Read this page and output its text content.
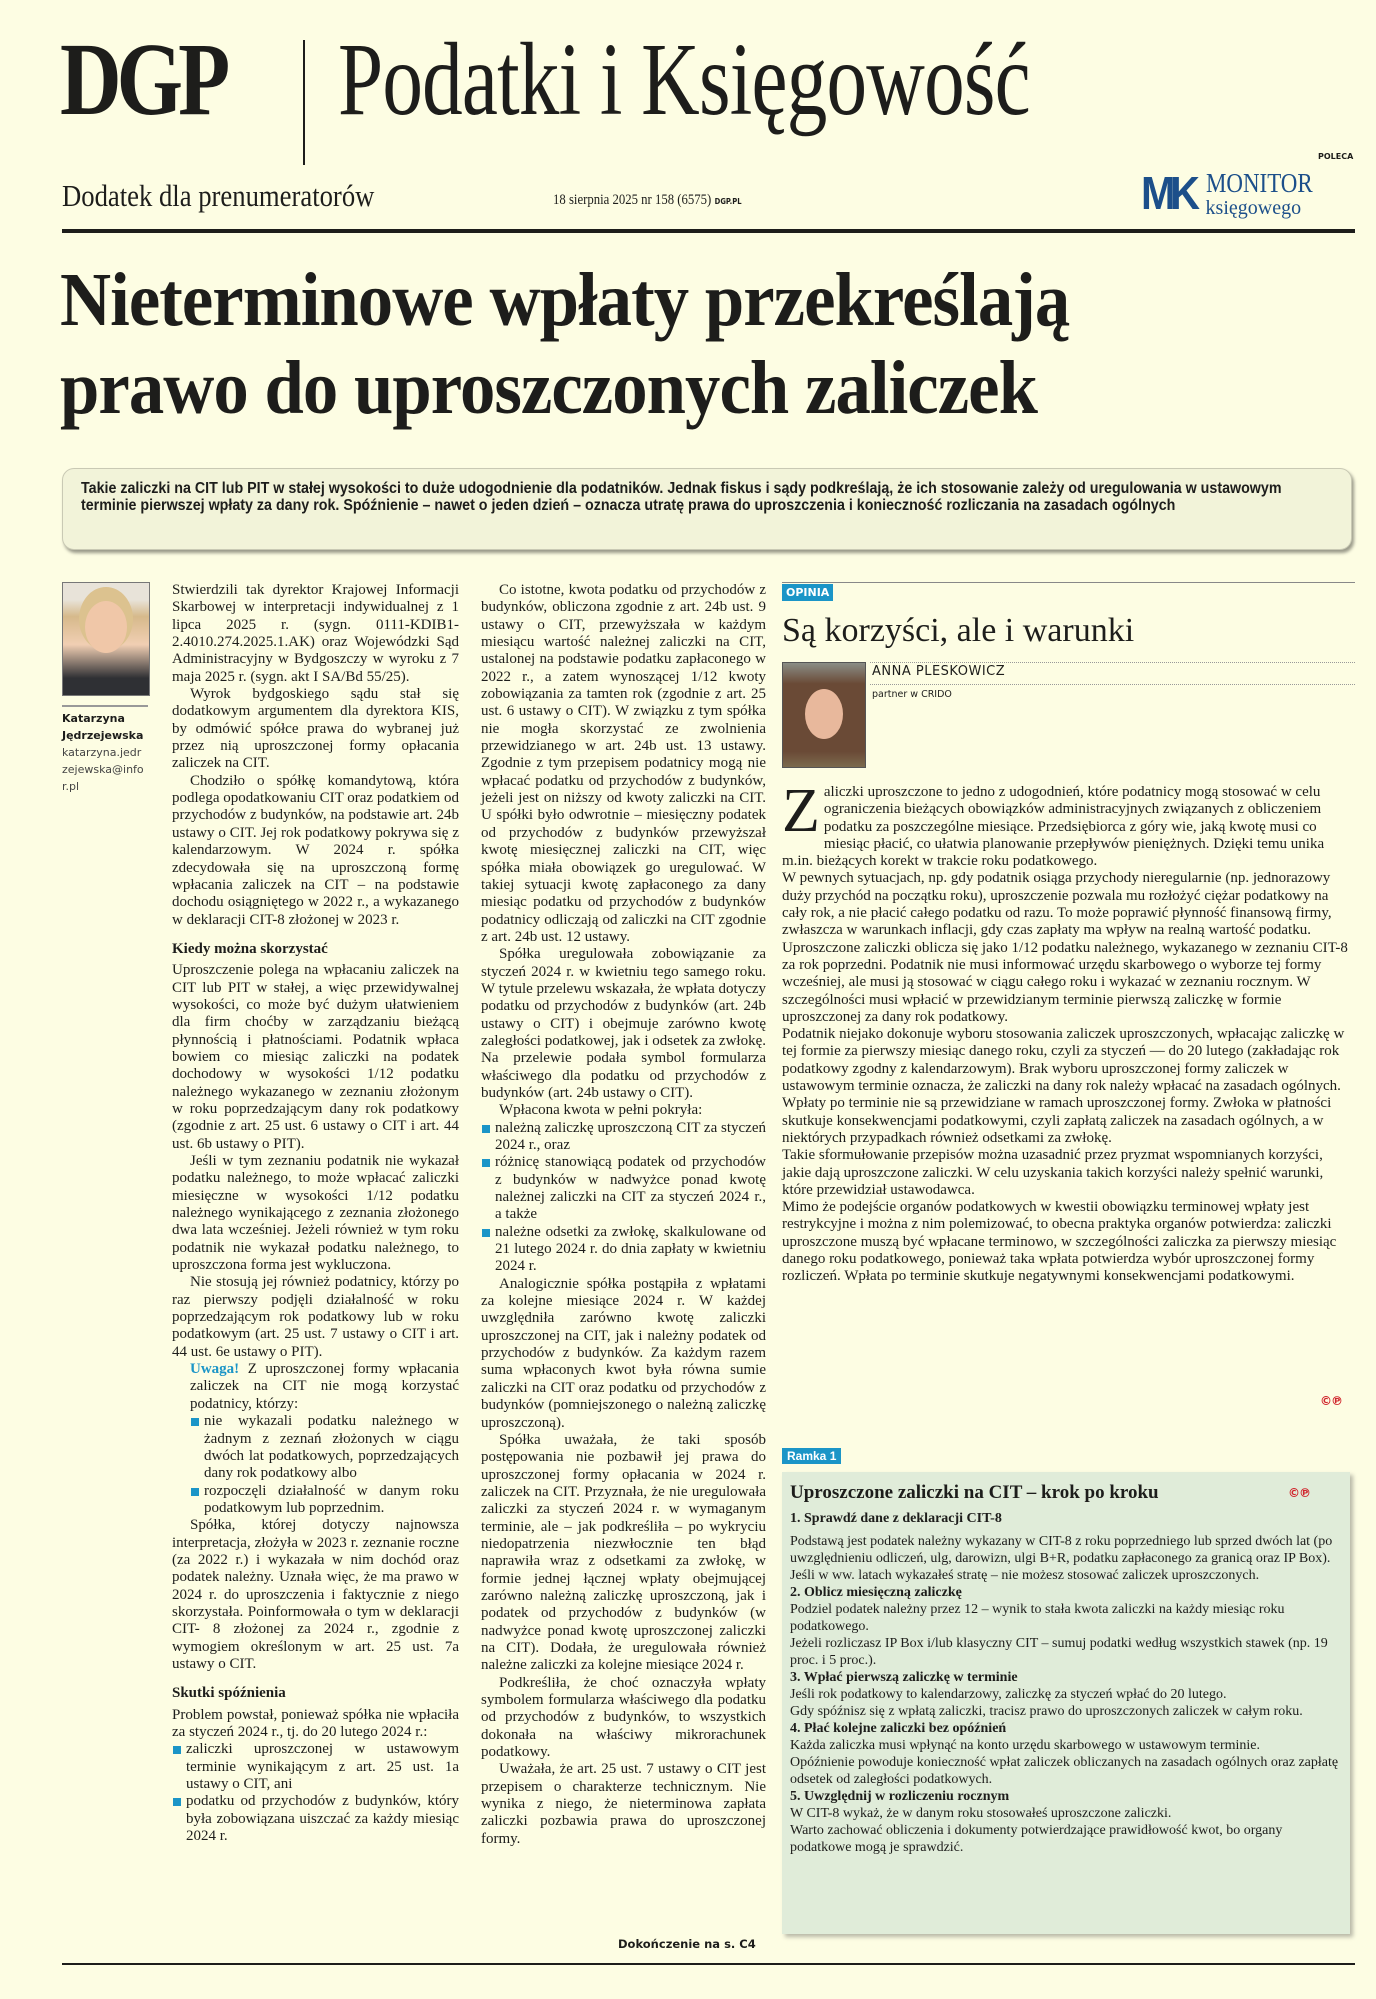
DGP Podatki i Księgowość
Dodatek dla prenumeratorów	18 sierpnia 2025 nr 158 (6575) DGP.PL
POLECA
MK MONITOR
księgowego
Nieterminowe wpłaty przekreślają
prawo do uproszczonych zaliczek

Takie zaliczki na CIT lub PIT w stałej wysokości to duże udogodnienie dla podatników. Jednak fiskus i sądy podkreślają, że ich stosowanie zależy od uregulowania w ustawowym terminie pierwszej wpłaty za dany rok. Spóźnienie – nawet o jeden dzień – oznacza utratę prawa do uproszczenia i konieczność rozliczania na zasadach ogólnych

Katarzyna
Jędrzejewska
katarzyna.jedrzejewska@infor.pl

Stwierdzili tak dyrektor Krajowej Informacji Skarbowej w interpretacji indywidualnej z 1 lipca 2025 r. (sygn. 0111-KDIB1-2.4010.274.2025.1.AK) oraz Wojewódzki Sąd Administracyjny w Bydgoszczy w wyroku z 7 maja 2025 r. (sygn. akt I SA/Bd 55/25).

Wyrok bydgoskiego sądu stał się dodatkowym argumentem dla dyrektora KIS, by odmówić spółce prawa do wybranej już przez nią uproszczonej formy opłacania zaliczek na CIT.

Chodziło o spółkę komandytową, która podlega opodatkowaniu CIT oraz podatkiem od przychodów z budynków, na podstawie art. 24b ustawy o CIT. Jej rok podatkowy pokrywa się z kalendarzowym. W 2024 r. spółka zdecydowała się na uproszczoną formę wpłacania zaliczek na CIT – na podstawie dochodu osiągniętego w 2022 r., a wykazanego w deklaracji CIT-8 złożonej w 2023 r.

Kiedy można skorzystać

Uproszczenie polega na wpłacaniu zaliczek na CIT lub PIT w stałej, a więc przewidywalnej wysokości, co może być dużym ułatwieniem dla firm choćby w zarządzaniu bieżącą płynnością i płatnościami. Podatnik wpłaca bowiem co miesiąc zaliczki na podatek dochodowy w wysokości 1/12 podatku należnego wykazanego w zeznaniu złożonym w roku poprzedzającym dany rok podatkowy (zgodnie z art. 25 ust. 6 ustawy o CIT i art. 44 ust. 6b ustawy o PIT).

Jeśli w tym zeznaniu podatnik nie wykazał podatku należnego, to może wpłacać zaliczki miesięczne w wysokości 1/12 podatku należnego wynikającego z zeznania złożonego dwa lata wcześniej. Jeżeli również w tym roku podatnik nie wykazał podatku należnego, to uproszczona forma jest wykluczona.

Nie stosują jej również podatnicy, którzy po raz pierwszy podjęli działalność w roku poprzedzającym rok podatkowy lub w roku podatkowym (art. 25 ust. 7 ustawy o CIT i art. 44 ust. 6e ustawy o PIT).

Uwaga! Z uproszczonej formy wpłacania zaliczek na CIT nie mogą korzystać podatnicy, którzy:
nie wykazali podatku należnego w żadnym z zeznań złożonych w ciągu dwóch lat podatkowych, poprzedzających dany rok podatkowy albo
rozpoczęli działalność w danym roku podatkowym lub poprzednim.

Spółka, której dotyczy najnowsza interpretacja, złożyła w 2023 r. zeznanie roczne (za 2022 r.) i wykazała w nim dochód oraz podatek należny. Uznała więc, że ma prawo w 2024 r. do uproszczenia i faktycznie z niego skorzystała. Poinformowała o tym w deklaracji CIT- 8 złożonej za 2024 r., zgodnie z wymogiem określonym w art. 25 ust. 7a ustawy o CIT.

Skutki spóźnienia

Problem powstał, ponieważ spółka nie wpłaciła za styczeń 2024 r., tj. do 20 lutego 2024 r.:

zaliczki uproszczonej w ustawowym terminie wynikającym z art. 25 ust. 1a ustawy o CIT, ani
podatku od przychodów z budynków, który była zobowiązana uiszczać za każdy miesiąc 2024 r.

Co istotne, kwota podatku od przychodów z budynków, obliczona zgodnie z art. 24b ust. 9 ustawy o CIT, przewyższała w każdym miesiącu wartość należnej zaliczki na CIT, ustalonej na podstawie podatku zapłaconego w 2022 r., a zatem wynoszącej 1/12 kwoty zobowiązania za tamten rok (zgodnie z art. 25 ust. 6 ustawy o CIT). W związku z tym spółka nie mogła skorzystać ze zwolnienia przewidzianego w art. 24b ust. 13 ustawy. Zgodnie z tym przepisem podatnicy mogą nie wpłacać podatku od przychodów z budynków, jeżeli jest on niższy od kwoty zaliczki na CIT. U spółki było odwrotnie – miesięczny podatek od przychodów z budynków przewyższał kwotę miesięcznej zaliczki na CIT, więc spółka miała obowiązek go uregulować. W takiej sytuacji kwotę zapłaconego za dany miesiąc podatku od przychodów z budynków podatnicy odliczają od zaliczki na CIT zgodnie z art. 24b ust. 12 ustawy.

Spółka uregulowała zobowiązanie za styczeń 2024 r. w kwietniu tego samego roku. W tytule przelewu wskazała, że wpłata dotyczy podatku od przychodów z budynków (art. 24b ustawy o CIT) i obejmuje zarówno kwotę zaległości podatkowej, jak i odsetek za zwłokę. Na przelewie podała symbol formularza właściwego dla podatku od przychodów z budynków (art. 24b ustawy o CIT).

Wpłacona kwota w pełni pokryła:

należną zaliczkę uproszczoną CIT za styczeń 2024 r., oraz
różnicę stanowiącą podatek od przychodów z budynków w nadwyżce ponad kwotę należnej zaliczki na CIT za styczeń 2024 r., a także
należne odsetki za zwłokę, skalkulowane od 21 lutego 2024 r. do dnia zapłaty w kwietniu 2024 r.

Analogicznie spółka postąpiła z wpłatami za kolejne miesiące 2024 r. W każdej uwzględniła zarówno kwotę zaliczki uproszczonej na CIT, jak i należny podatek od przychodów z budynków. Za każdym razem suma wpłaconych kwot była równa sumie zaliczki na CIT oraz podatku od przychodów z budynków (pomniejszonego o należną zaliczkę uproszczoną).

Spółka uważała, że taki sposób postępowania nie pozbawił jej prawa do uproszczonej formy opłacania w 2024 r. zaliczek na CIT. Przyznała, że nie uregulowała zaliczki za styczeń 2024 r. w wymaganym terminie, ale – jak podkreśliła – po wykryciu niedopatrzenia niezwłocznie ten błąd naprawiła wraz z odsetkami za zwłokę, w formie jednej łącznej wpłaty obejmującej zarówno należną zaliczkę uproszczoną, jak i podatek od przychodów z budynków (w nadwyżce ponad kwotę uproszczonej zaliczki na CIT). Dodała, że uregulowała również należne zaliczki za kolejne miesiące 2024 r.

Podkreśliła, że choć oznaczyła wpłaty symbolem formularza właściwego dla podatku od przychodów z budynków, to wszystkich dokonała na właściwy mikrorachunek podatkowy.

Uważała, że art. 25 ust. 7 ustawy o CIT jest przepisem o charakterze technicznym. Nie wynika z niego, że nieterminowa zapłata zaliczki pozbawia prawa do uproszczonej formy.

Dokończenie na s. C4
OPINIA
Są korzyści, ale i warunki
ANNA PLESKOWICZ
partner w CRIDO

Zaliczki uproszczone to jedno z udogodnień, które podatnicy mogą stosować w celu ograniczenia bieżących obowiązków administracyjnych związanych z obliczeniem podatku za poszczególne miesiące. Przedsiębiorca z góry wie, jaką kwotę musi co miesiąc płacić, co ułatwia planowanie przepływów pieniężnych. Dzięki temu unika m.in. bieżących korekt w trakcie roku podatkowego.

W pewnych sytuacjach, np. gdy podatnik osiąga przychody nieregularnie (np. jednorazowy duży przychód na początku roku), uproszczenie pozwala mu rozłożyć ciężar podatkowy na cały rok, a nie płacić całego podatku od razu. To może poprawić płynność finansową firmy, zwłaszcza w warunkach inflacji, gdy czas zapłaty ma wpływ na realną wartość podatku.

Uproszczone zaliczki oblicza się jako 1/12 podatku należnego, wykazanego w zeznaniu CIT-8 za rok poprzedni. Podatnik nie musi informować urzędu skarbowego o wyborze tej formy wcześniej, ale musi ją stosować w ciągu całego roku i wykazać w zeznaniu rocznym. W szczególności musi wpłacić w przewidzianym terminie pierwszą zaliczkę w formie uproszczonej za dany rok podatkowy.

Podatnik niejako dokonuje wyboru stosowania zaliczek uproszczonych, wpłacając zaliczkę w tej formie za pierwszy miesiąc danego roku, czyli za styczeń — do 20 lutego (zakładając rok podatkowy zgodny z kalendarzowym). Brak wyboru uproszczonej formy zaliczek w ustawowym terminie oznacza, że zaliczki na dany rok należy wpłacać na zasadach ogólnych.

Wpłaty po terminie nie są przewidziane w ramach uproszczonej formy. Zwłoka w płatności skutkuje konsekwencjami podatkowymi, czyli zapłatą zaliczek na zasadach ogólnych, a w niektórych przypadkach również odsetkami za zwłokę.

Takie sformułowanie przepisów można uzasadnić przez pryzmat wspomnianych korzyści, jakie dają uproszczone zaliczki. W celu uzyskania takich korzyści należy spełnić warunki, które przewidział ustawodawca.

Mimo że podejście organów podatkowych w kwestii obowiązku terminowej wpłaty jest restrykcyjne i można z nim polemizować, to obecna praktyka organów potwierdza: zaliczki uproszczone muszą być wpłacane terminowo, w szczególności zaliczka za pierwszy miesiąc danego roku podatkowego, ponieważ taka wpłata potwierdza wybór uproszczonej formy rozliczeń. Wpłata po terminie skutkuje negatywnymi konsekwencjami podatkowymi.

©℗
Ramka 1
Uproszczone zaliczki na CIT – krok po kroku	©℗
1. Sprawdź dane z deklaracji CIT-8

Podstawą jest podatek należny wykazany w CIT-8 z roku poprzedniego lub sprzed dwóch lat (po uwzględnieniu odliczeń, ulg, darowizn, ulgi B+R, podatku zapłaconego za granicą oraz IP Box).

Jeśli w ww. latach wykazałeś stratę – nie możesz stosować zaliczek uproszczonych.

2. Oblicz miesięczną zaliczkę

Podziel podatek należny przez 12 – wynik to stała kwota zaliczki na każdy miesiąc roku podatkowego.

Jeżeli rozliczasz IP Box i/lub klasyczny CIT – sumuj podatki według wszystkich stawek (np. 19 proc. i 5 proc.).

3. Wpłać pierwszą zaliczkę w terminie

Jeśli rok podatkowy to kalendarzowy, zaliczkę za styczeń wpłać do 20 lutego.

Gdy spóźnisz się z wpłatą zaliczki, tracisz prawo do uproszczonych zaliczek w całym roku.

4. Płać kolejne zaliczki bez opóźnień

Każda zaliczka musi wpłynąć na konto urzędu skarbowego w ustawowym terminie.

Opóźnienie powoduje konieczność wpłat zaliczek obliczanych na zasadach ogólnych oraz zapłatę odsetek od zaległości podatkowych.

5. Uwzględnij w rozliczeniu rocznym

W CIT-8 wykaż, że w danym roku stosowałeś uproszczone zaliczki.

Warto zachować obliczenia i dokumenty potwierdzające prawidłowość kwot, bo organy podatkowe mogą je sprawdzić.
